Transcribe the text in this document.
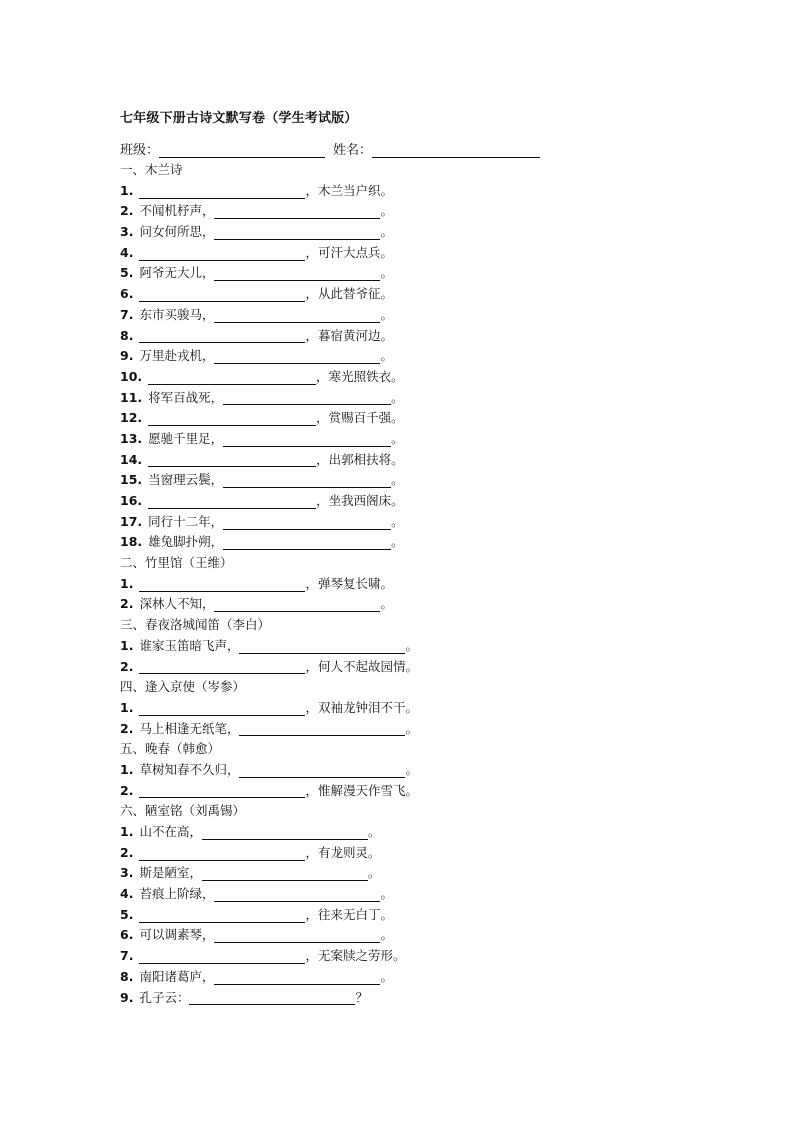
七年级下册古诗文默写卷（学生考试版）
班级：	姓名：
一、木兰诗
1.	，木兰当户织。
2. 不闻机杼声，	。
3. 问女何所思，	。
4.	，可汗大点兵。
5. 阿爷无大儿，	。
6.	，从此替爷征。
7. 东市买骏马，	。
8.	，暮宿黄河边。
9. 万里赴戎机，	。
10.	，寒光照铁衣。
11. 将军百战死，	。
12.	，赏赐百千强。
13. 愿驰千里足，	。
14.	，出郭相扶将。
15. 当窗理云鬓，	。
16.	，坐我西阁床。
17. 同行十二年，	。
18. 雄兔脚扑朔，	。
二、竹里馆（王维）
1.	，弹琴复长啸。
2. 深林人不知，	。
三、春夜洛城闻笛（李白）
1. 谁家玉笛暗飞声，	。
2.	，何人不起故园情。
四、逢入京使（岑参）
1.	，双袖龙钟泪不干。
2. 马上相逢无纸笔，	。
五、晚春（韩愈）
1. 草树知春不久归，	。
2.	，惟解漫天作雪飞。
六、陋室铭（刘禹锡）
1. 山不在高，	。
2.	，有龙则灵。
3. 斯是陋室，	。
4. 苔痕上阶绿，	。
5.	，往来无白丁。
6. 可以调素琴，	。
7.	，无案牍之劳形。
8. 南阳诸葛庐，	。
9. 孔子云：	？
